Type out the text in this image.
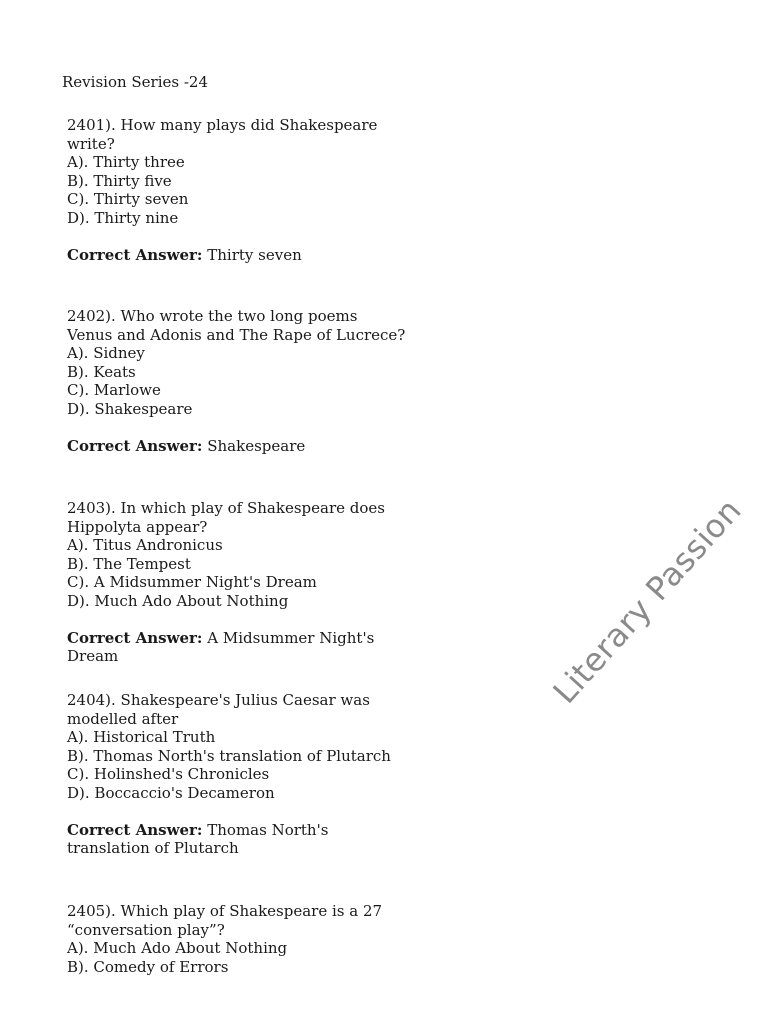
Revision Series -24
2401). How many plays did Shakespeare write?
A). Thirty three
B). Thirty five
C). Thirty seven
D). Thirty nine
Correct Answer: Thirty seven
2402). Who wrote the two long poems Venus and Adonis and The Rape of Lucrece?
A). Sidney
B). Keats
C). Marlowe
D). Shakespeare
Correct Answer: Shakespeare
2403). In which play of Shakespeare does Hippolyta appear?
A). Titus Andronicus
B). The Tempest
C). A Midsummer Night's Dream
D). Much Ado About Nothing
Correct Answer: A Midsummer Night's Dream
2404). Shakespeare's Julius Caesar was modelled after
A). Historical Truth
B). Thomas North's translation of Plutarch
C). Holinshed's Chronicles
D). Boccaccio's Decameron
Correct Answer: Thomas North's translation of Plutarch
2405). Which play of Shakespeare is a 27 “conversation play”?
A). Much Ado About Nothing
B). Comedy of Errors
Literary Passion
